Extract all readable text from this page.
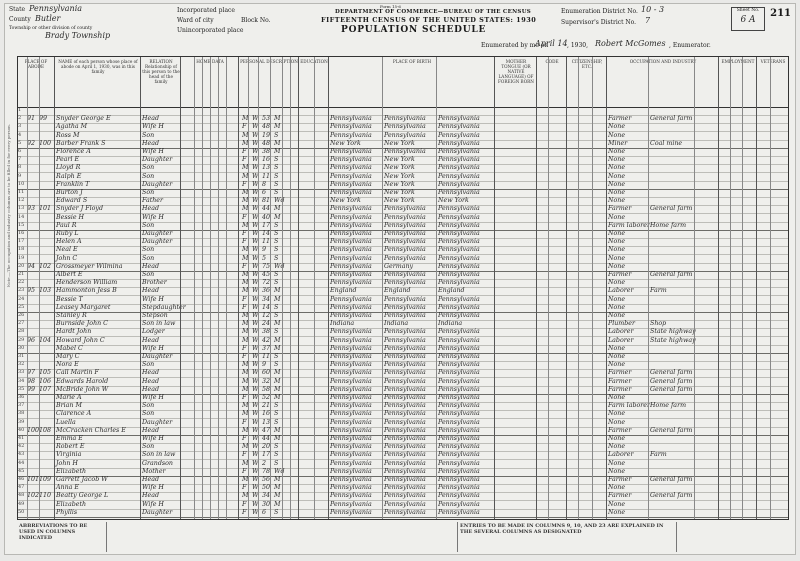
State Pennsylvania
County Butler
Township or other division of county
Brady Township
Incorporated place
Ward of city	Block No.
Unincorporated place
Form 15-6
DEPARTMENT OF COMMERCE—BUREAU OF THE CENSUS
FIFTEENTH CENSUS OF THE UNITED STATES: 1930
POPULATION SCHEDULE
Enumeration District No. 10 - 3
Supervisor's District No. 7
Sheet No.
6 A
211
Enumerated by me on
April 14 , 1930, Robert McGomes , Enumerator.
PLACE OF ABODE
NAME of each person whose place of abode on April 1, 1930, was in this family
RELATION Relationship of this person to the head of the family
HOME DATA	PERSONAL DESCRIPTION EDUCATION	PLACE OF BIRTH	MOTHER TONGUE (OR NATIVE LANGUAGE) OF FOREIGN BORN
CODE	CITIZENSHIP, ETC.
OCCUPATION AND INDUSTRY	EMPLOYMENT	VETERANS
1
2 91 99	Snyder George E	Head	M W 53 M	Pennsylvania	Pennsylvania	Pennsylvania	Farmer	General farm
3	Agatha M	Wife H	F W 48 M	Pennsylvania	Pennsylvania	Pennsylvania	None
4	Ross M	Son	M W 19 S	Pennsylvania	Pennsylvania	Pennsylvania	None
5 92 100 Barber Frank S	Head	M W 48 M	New York	New York	Pennsylvania	Miner	Coal mine
6	Florence A	Wife H	F W 38 M	Pennsylvania	Pennsylvania	Pennsylvania	None
7	Pearl E	Daughter	F W 16 S	Pennsylvania	New York	Pennsylvania	None
8	Lloyd R	Son	M W 13 S	Pennsylvania	New York	Pennsylvania	None
9	Ralph E	Son	M W 11 S	Pennsylvania	New York	Pennsylvania	None
10	Franklin T	Daughter	F W 8	S	Pennsylvania	New York	Pennsylvania	None
11	Burton J	Son	M W 6	S	Pennsylvania	New York	Pennsylvania	None
12	Edward S	Father	M W 81 Wd	New York	New York	New York	None
13 93 101 Snyder J Floyd	Head	M W 44 M	Pennsylvania	Pennsylvania	Pennsylvania	Farmer	General farm
14	Bessie H	Wife H	F W 40 M	Pennsylvania	Pennsylvania	Pennsylvania	None
15	Paul R	Son	M W 17 S	Pennsylvania	Pennsylvania	Pennsylvania	Farm laborer Home farm
16	Ruby L	Daughter	F W 14 S	Pennsylvania	Pennsylvania	Pennsylvania	None
17	Helen A	Daughter	F W 11 S	Pennsylvania	Pennsylvania	Pennsylvania	None
18	Neal E	Son	M W 9	S	Pennsylvania	Pennsylvania	Pennsylvania	None
19	John C	Son	M W 5	S	Pennsylvania	Pennsylvania	Pennsylvania	None
20 94 102 Grossmeyer Wilmina	Head	F W 75 Wd	Pennsylvania	Germany	Pennsylvania	None
21	Albert E	Son	M W 45 S	Pennsylvania	Pennsylvania	Pennsylvania	Farmer	General farm
22	Henderson William	Brother	M W 72 S	Pennsylvania	Pennsylvania	Pennsylvania	None
23 95 103 Hammonton Jess B	Head	M W 36 M	England	England	England	Laborer	Farm
24	Bessie T	Wife H	F W 34 M	Pennsylvania	Pennsylvania	Pennsylvania	None
25	Leasey Margaret	Stepdaughter	F W 14 S	Pennsylvania	Pennsylvania	Pennsylvania	None
26	Stanley R	Stepson	M W 12 S	Pennsylvania	Pennsylvania	Pennsylvania	None
27	Burnside John C	Son in law	M W 24 M	Indiana	Indiana	Indiana	Plumber	Shop
28	Hardt John	Lodger	M W 38 S	Pennsylvania	Pennsylvania	Pennsylvania	Laborer	State highway
29 96 104 Howard John C	Head	M W 42 M	Pennsylvania	Pennsylvania	Pennsylvania	Laborer	State highway
30	Mabel C	Wife H	F W 37 M	Pennsylvania	Pennsylvania	Pennsylvania	None
31	Mary C	Daughter	F W 11 S	Pennsylvania	Pennsylvania	Pennsylvania	None
32	Nora E	Son	M W 9	S	Pennsylvania	Pennsylvania	Pennsylvania	None
33 97 105 Call Martin F	Head	M W 60 M	Pennsylvania	Pennsylvania	Pennsylvania	Farmer	General farm
34 98 106 Edwards Harold	Head	M W 32 M	Pennsylvania	Pennsylvania	Pennsylvania	Farmer	General farm
35 99 107 McBride John W	Head	M W 58 M	Pennsylvania	Pennsylvania	Pennsylvania	Farmer	General farm
36	Marie A	Wife H	F W 52 M	Pennsylvania	Pennsylvania	Pennsylvania	None
37	Brian M	Son	M W 21 S	Pennsylvania	Pennsylvania	Pennsylvania	Farm laborer Home farm
38	Clarence A	Son	M W 16 S	Pennsylvania	Pennsylvania	Pennsylvania	None
39	Luella	Daughter	F W 13 S	Pennsylvania	Pennsylvania	Pennsylvania	None
40 100 108 McCracken Charles E	Head	M W 47 M	Pennsylvania	Pennsylvania	Pennsylvania	Farmer	General farm
41	Emma E	Wife H	F W 44 M	Pennsylvania	Pennsylvania	Pennsylvania	None
42	Robert E	Son	M W 20 S	Pennsylvania	Pennsylvania	Pennsylvania	None
43	Virginia	Son in law	F W 17 S	Pennsylvania	Pennsylvania	Pennsylvania	Laborer	Farm
44	John H	Grandson	M W 2	S	Pennsylvania	Pennsylvania	Pennsylvania	None
45	Elizabeth	Mother	F W 78 Wd	Pennsylvania	Pennsylvania	Pennsylvania	None
46 101 109 Garrett Jacob W	Head	M W 56 M	Pennsylvania	Pennsylvania	Pennsylvania	Farmer	General farm
47	Anna E	Wife H	F W 50 M	Pennsylvania	Pennsylvania	Pennsylvania	None
48 102 110 Beatty George L	Head	M W 34 M	Pennsylvania	Pennsylvania	Pennsylvania	Farmer	General farm
49	Elizabeth	Wife H	F W 30 M	Pennsylvania	Pennsylvania	Pennsylvania	None
50	Phyllis	Daughter	F W 6	S	Pennsylvania	Pennsylvania	Pennsylvania	None
Note.—The occupation and industry columns are to be filled in for every person.
ABBREVIATIONS TO BE USED IN COLUMNS INDICATED
ENTRIES TO BE MADE IN COLUMNS 9, 10, AND 23 ARE EXPLAINED IN THE SEVERAL COLUMNS AS DESIGNATED
